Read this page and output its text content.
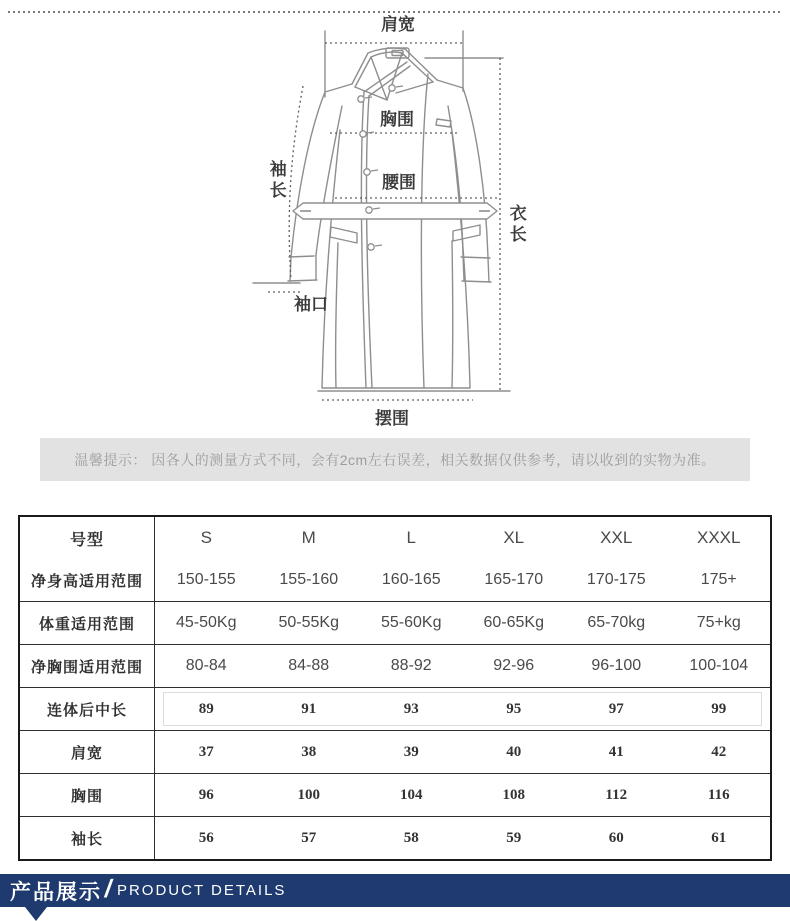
肩宽
胸围
腰围
袖长
袖口
衣长
摆围
温馨提示： 因各人的测量方式不同，会有2cm左右误差，相关数据仅供参考，请以收到的实物为准。
号型	S	M	L	XL	XXL	XXXL
净身高适用范围	150-155	155-160	160-165	165-170	170-175	175+
体重适用范围	45-50Kg	50-55Kg	55-60Kg	60-65Kg	65-70kg	75+kg
净胸围适用范围	80-84	84-88	88-92	92-96	96-100	100-104
连体后中长	89	91	93	95	97	99
肩宽	37	38	39	40	41	42
胸围	96	100	104	108	112	116
袖长	56	57	58	59	60	61
产品展示 / PRODUCT DETAILS
